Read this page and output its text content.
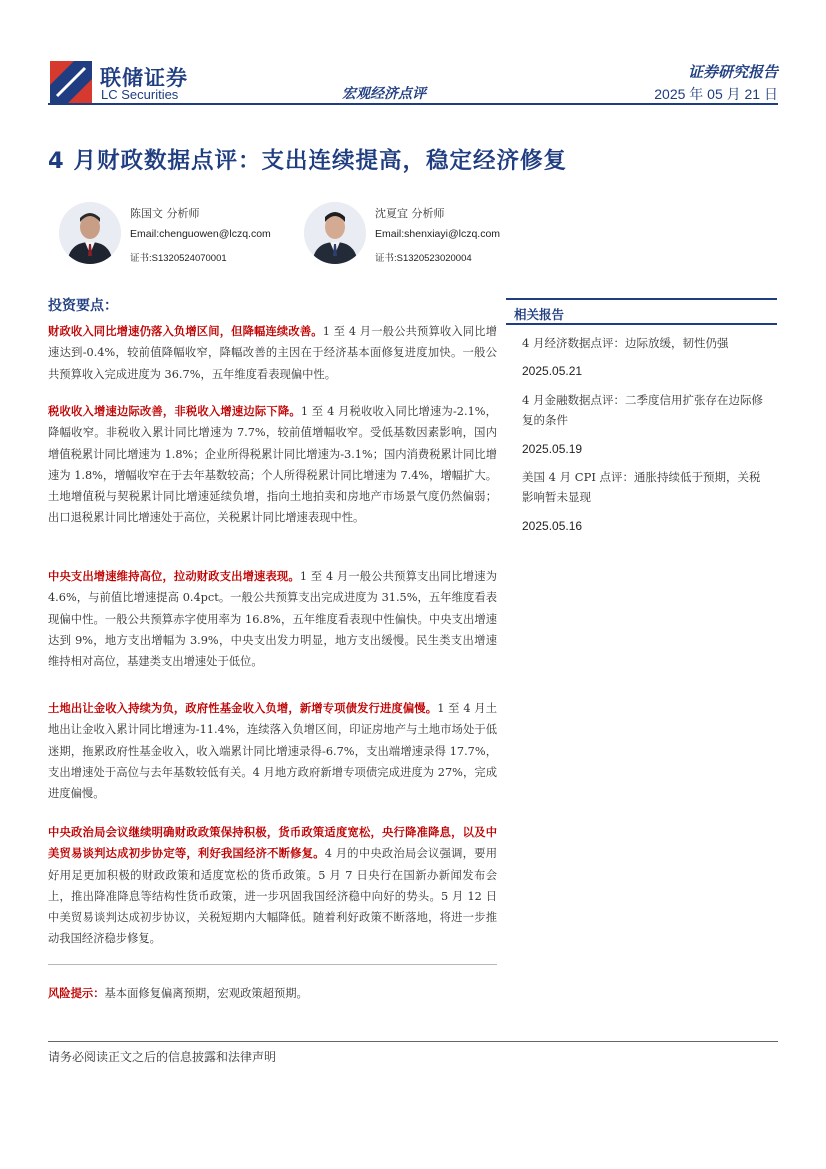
联储证券
LC Securities	宏观经济点评
证券研究报告
2025 年 05 月 21 日
4 月财政数据点评：支出连续提高，稳定经济修复
陈国文 分析师
Email:chenguowen@lczq.com
证书:S1320524070001
沈夏宜 分析师
Email:shenxiayi@lczq.com
证书:S1320523020004
投资要点：

财政收入同比增速仍落入负增区间，但降幅连续改善。1 至 4 月一般公共预算收入同比增速达到-0.4%，较前值降幅收窄，降幅改善的主因在于经济基本面修复进度加快。一般公共预算收入完成进度为 36.7%，五年维度看表现偏中性。

税收收入增速边际改善，非税收入增速边际下降。1 至 4 月税收收入同比增速为-2.1%，降幅收窄。非税收入累计同比增速为 7.7%，较前值增幅收窄。受低基数因素影响，国内增值税累计同比增速为 1.8%；企业所得税累计同比增速为-3.1%；国内消费税累计同比增速为 1.8%，增幅收窄在于去年基数较高；个人所得税累计同比增速为 7.4%，增幅扩大。土地增值税与契税累计同比增速延续负增，指向土地拍卖和房地产市场景气度仍然偏弱；出口退税累计同比增速处于高位，关税累计同比增速表现中性。

中央支出增速维持高位，拉动财政支出增速表现。1 至 4 月一般公共预算支出同比增速为 4.6%，与前值比增速提高 0.4pct。一般公共预算支出完成进度为 31.5%，五年维度看表现偏中性。一般公共预算赤字使用率为 16.8%，五年维度看表现中性偏快。中央支出增速达到 9%，地方支出增幅为 3.9%，中央支出发力明显，地方支出缓慢。民生类支出增速维持相对高位，基建类支出增速处于低位。

土地出让金收入持续为负，政府性基金收入负增，新增专项债发行进度偏慢。1 至 4 月土地出让金收入累计同比增速为-11.4%，连续落入负增区间，印证房地产与土地市场处于低迷期，拖累政府性基金收入，收入端累计同比增速录得-6.7%，支出端增速录得 17.7%，支出增速处于高位与去年基数较低有关。4 月地方政府新增专项债完成进度为 27%，完成进度偏慢。

中央政治局会议继续明确财政政策保持积极，货币政策适度宽松，央行降准降息，以及中美贸易谈判达成初步协定等，利好我国经济不断修复。4 月的中央政治局会议强调，要用好用足更加积极的财政政策和适度宽松的货币政策。5 月 7 日央行在国新办新闻发布会上，推出降准降息等结构性货币政策，进一步巩固我国经济稳中向好的势头。5 月 12 日中美贸易谈判达成初步协议，关税短期内大幅降低。随着利好政策不断落地，将进一步推动我国经济稳步修复。

风险提示：基本面修复偏离预期，宏观政策超预期。

相关报告
4 月经济数据点评：边际放缓，韧性仍强
2025.05.21
4 月金融数据点评：二季度信用扩张存在边际修复的条件
2025.05.19
美国 4 月 CPI 点评：通胀持续低于预期，关税影响暂未显现
2025.05.16
请务必阅读正文之后的信息披露和法律声明
